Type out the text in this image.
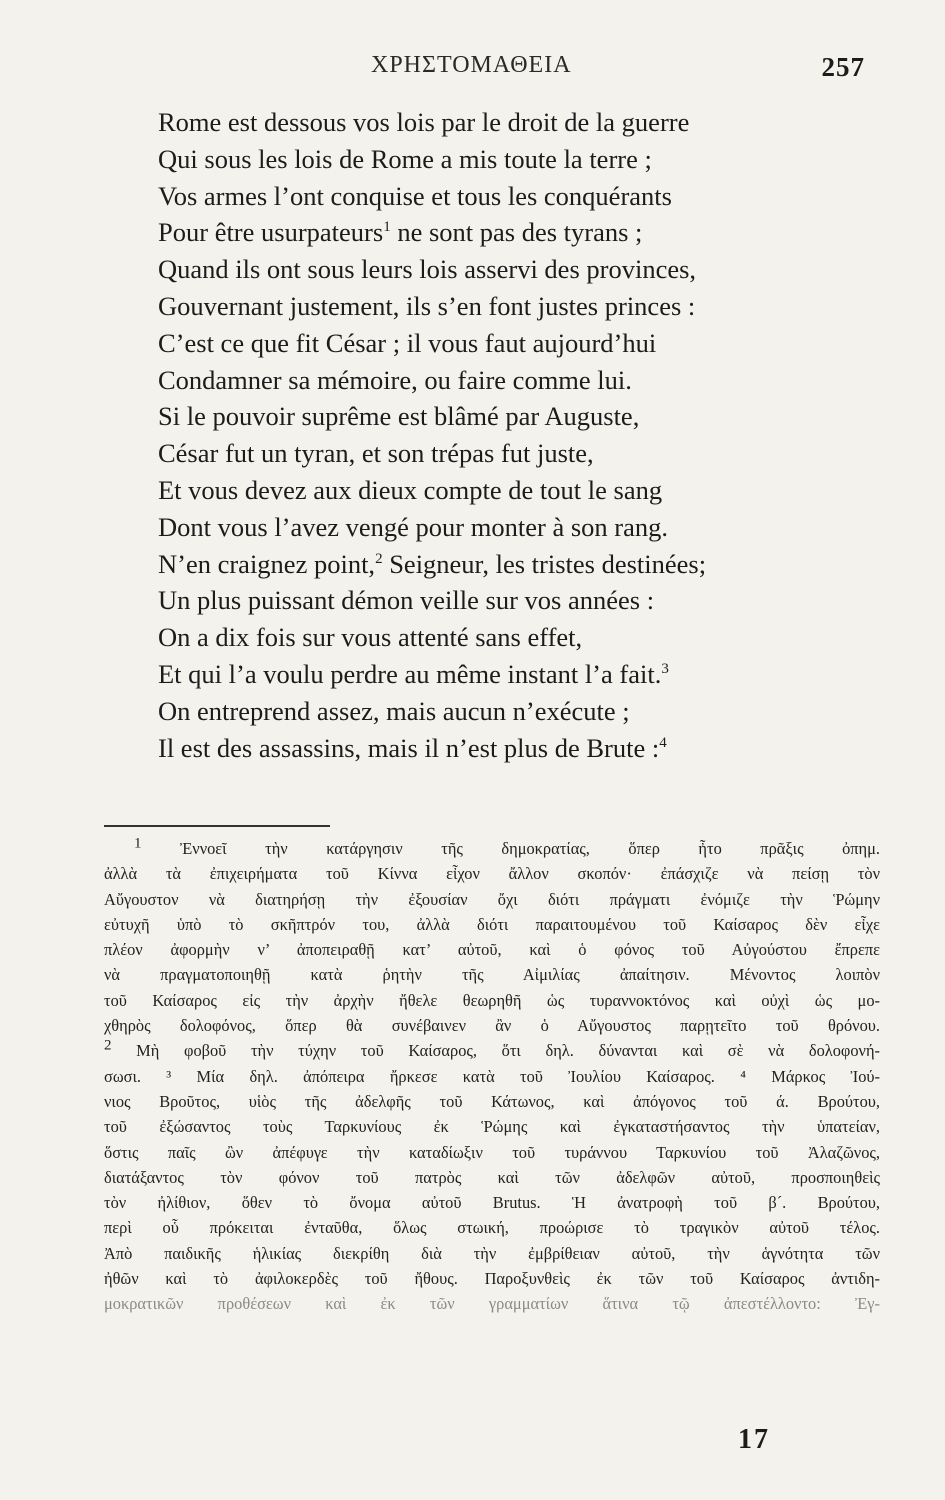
ΧΡΗΣΤΟΜΑΘΕΙΑ	257
Rome est dessous vos lois par le droit de la guerre
Qui sous les lois de Rome a mis toute la terre ;
Vos armes l’ont conquise et tous les conquérants
Pour être usurpateurs$^1$ ne sont pas des tyrans ;
Quand ils ont sous leurs lois asservi des provinces,
Gouvernant justement, ils s’en font justes princes :
C’est ce que fit César ; il vous faut aujourd’hui
Condamner sa mémoire, ou faire comme lui.
Si le pouvoir suprême est blâmé par Auguste,
César fut un tyran, et son trépas fut juste,
Et vous devez aux dieux compte de tout le sang
Dont vous l’avez vengé pour monter à son rang.
N’en craignez point,$^2$ Seigneur, les tristes destinées;
Un plus puissant démon veille sur vos années :
On a dix fois sur vous attenté sans effet,
Et qui l’a voulu perdre au même instant l’a fait.$^3$
On entreprend assez, mais aucun n’exécute ;
Il est des assassins, mais il n’est plus de Brute :$^4$
$^1$ Ἐννοεῖ τὴν κατάργησιν τῆς δημοκρατίας, ὅπερ ἦτο πρᾶξις ὀπημ.
ἀλλὰ τὰ ἐπιχειρήματα τοῦ Κίννα εἶχον ἄλλον σκοπόν· ἐπάσχιζε νὰ πείσῃ τὸν
Αὔγουστον νὰ διατηρήσῃ τὴν ἐξουσίαν ὄχι διότι πράγματι ἐνόμιζε τὴν Ῥώμην
εὐτυχῆ ὑπὸ τὸ σκῆπτρόν του, ἀλλὰ διότι παραιτουμένου τοῦ Καίσαρος δὲν εἶχε
πλέον ἀφορμὴν ν’ ἀποπειραθῇ κατ’ αὐτοῦ, καὶ ὁ φόνος τοῦ Αὐγούστου ἔπρεπε
νὰ πραγματοποιηθῇ κατὰ ῥητὴν τῆς Αἰμιλίας ἀπαίτησιν. Μένοντος λοιπὸν
τοῦ Καίσαρος εἰς τὴν ἀρχὴν ἤθελε θεωρηθῆ ὡς τυραννοκτόνος καὶ οὐχὶ ὡς μο-
χθηρὸς δολοφόνος, ὅπερ θὰ συνέβαινεν ἂν ὁ Αὔγουστος παρῃτεῖτο τοῦ θρόνου.
$^2$ Μὴ φοβοῦ τὴν τύχην τοῦ Καίσαρος, ὅτι δηλ. δύνανται καὶ σὲ νὰ δολοφονή-
σωσι. ³ Μία δηλ. ἀπόπειρα ἤρκεσε κατὰ τοῦ Ἰουλίου Καίσαρος. ⁴ Μάρκος Ἰού-
νιος Βροῦτος, υἱὸς τῆς ἀδελφῆς τοῦ Κάτωνος, καὶ ἀπόγονος τοῦ ά. Βρούτου,
τοῦ ἐξώσαντος τοὺς Ταρκυνίους ἐκ Ῥώμης καὶ ἐγκαταστήσαντος τὴν ὑπατείαν,
ὅστις παῖς ὢν ἀπέφυγε τὴν καταδίωξιν τοῦ τυράννου Ταρκυνίου τοῦ Ἀλαζῶνος,
διατάξαντος τὸν φόνον τοῦ πατρὸς καὶ τῶν ἀδελφῶν αὐτοῦ, προσποιηθεὶς
τὸν ἠλίθιον, ὅθεν τὸ ὄνομα αὐτοῦ Brutus. Ἡ ἀνατροφὴ τοῦ β´. Βρούτου,
περὶ οὗ πρόκειται ἐνταῦθα, ὅλως στωική, προώρισε τὸ τραγικὸν αὐτοῦ τέλος.
Ἀπὸ παιδικῆς ἡλικίας διεκρίθη διὰ τὴν ἐμβρίθειαν αὐτοῦ, τὴν ἁγνότητα τῶν
ἠθῶν καὶ τὸ ἀφιλοκερδὲς τοῦ ἤθους. Παροξυνθεὶς ἐκ τῶν τοῦ Καίσαρος ἀντιδη-
μοκρατικῶν προθέσεων καὶ ἐκ τῶν γραμματίων ἅτινα τῷ ἀπεστέλλοντο: Ἐγ-
17
